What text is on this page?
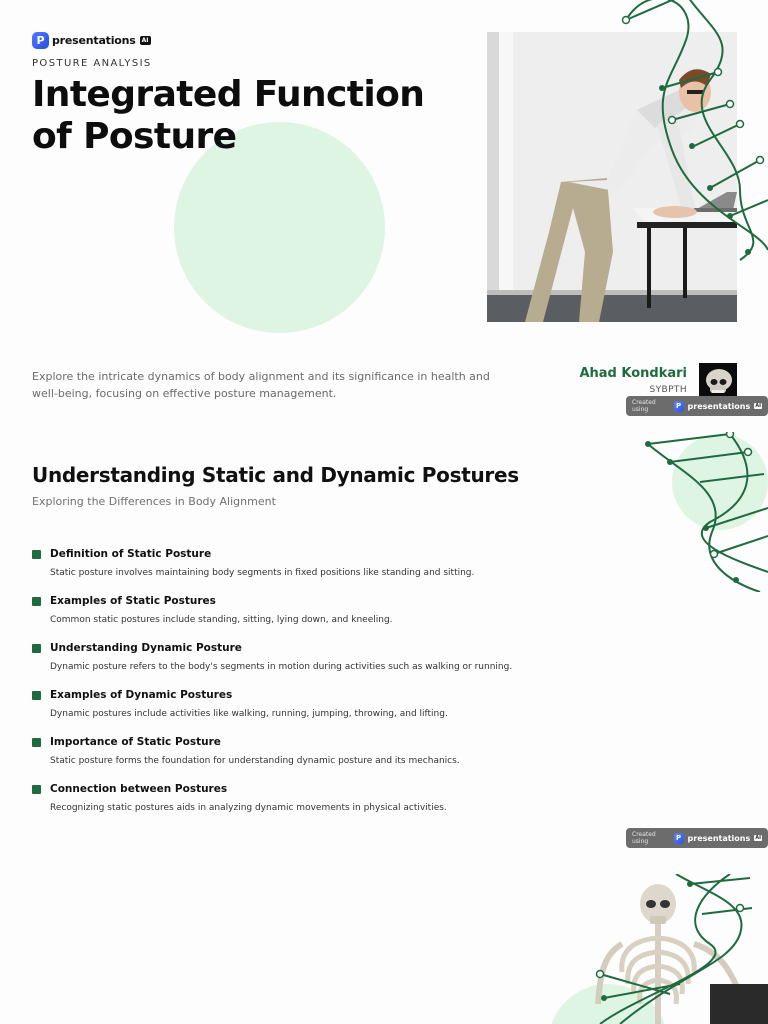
P presentations	AI
POSTURE ANALYSIS
Integrated Function of Posture

Explore the intricate dynamics of body alignment and its significance in health and well-being, focusing on effective posture management.

Ahad Kondkari
SYBPTH
Created using	P presentations AI
Understanding Static and Dynamic Postures
Exploring the Differences in Body Alignment
Definition of Static Posture
Static posture involves maintaining body segments in fixed positions like standing and sitting.
Examples of Static Postures
Common static postures include standing, sitting, lying down, and kneeling.
Understanding Dynamic Posture
Dynamic posture refers to the body's segments in motion during activities such as walking or running.
Examples of Dynamic Postures
Dynamic postures include activities like walking, running, jumping, throwing, and lifting.
Importance of Static Posture
Static posture forms the foundation for understanding dynamic posture and its mechanics.
Connection between Postures
Recognizing static postures aids in analyzing dynamic movements in physical activities.
Created using	P presentations AI
